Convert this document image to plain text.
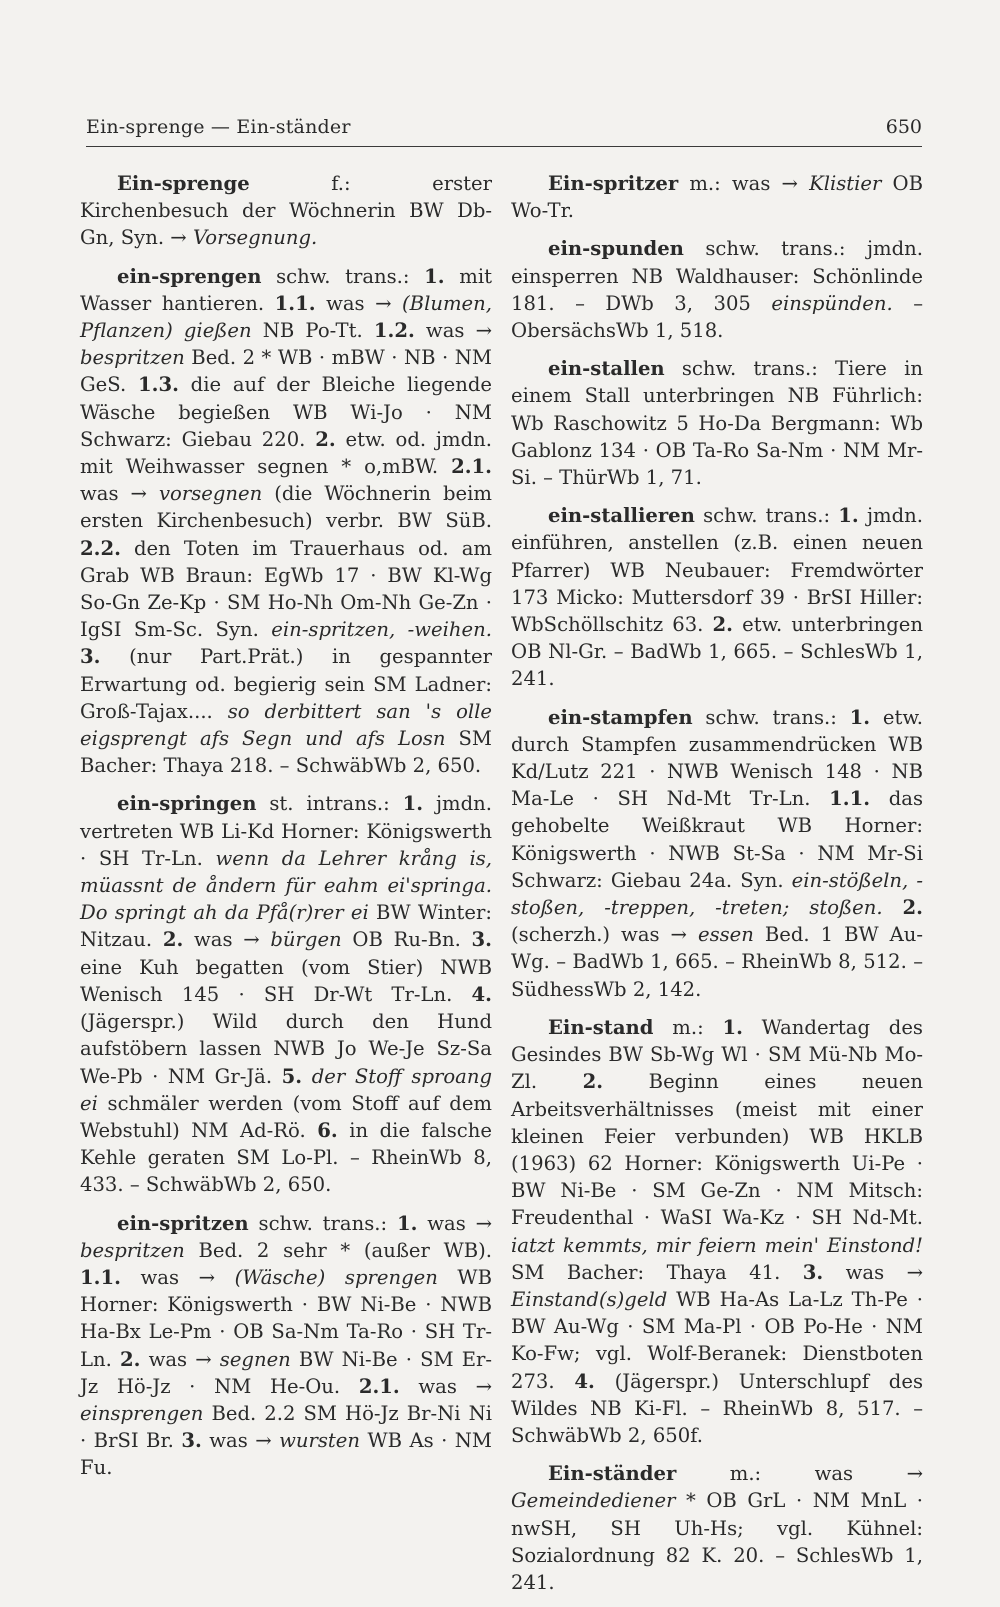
Ein-sprenge — Ein-ständer	650

Ein-sprenge f.: erster Kirchenbesuch der Wöchnerin BW Db-Gn, Syn. → Vorsegnung.

ein-sprengen schw. trans.: 1. mit Wasser hantieren. 1.1. was → (Blumen, Pflanzen) gießen NB Po-Tt. 1.2. was → bespritzen Bed. 2 * WB · mBW · NB · NM GeS. 1.3. die auf der Bleiche liegende Wäsche begießen WB Wi-Jo · NM Schwarz: Giebau 220. 2. etw. od. jmdn. mit Weihwasser segnen * o,mBW. 2.1. was → vorsegnen (die Wöchnerin beim ersten Kirchenbesuch) verbr. BW SüB. 2.2. den Toten im Trauerhaus od. am Grab WB Braun: EgWb 17 · BW Kl-Wg So-Gn Ze-Kp · SM Ho-Nh Om-Nh Ge-Zn · IgSI Sm-Sc. Syn. ein-spritzen, -weihen. 3. (nur Part.Prät.) in gespannter Erwartung od. begierig sein SM Ladner: Groß-Tajax.... so derbittert san 's olle eigsprengt afs Segn und afs Losn SM Bacher: Thaya 218. – SchwäbWb 2, 650.

ein-springen st. intrans.: 1. jmdn. vertreten WB Li-Kd Horner: Königswerth · SH Tr-Ln. wenn da Lehrer krång is, müassnt de åndern für eahm ei'springa. Do springt ah da Pfå(r)rer ei BW Winter: Nitzau. 2. was → bürgen OB Ru-Bn. 3. eine Kuh begatten (vom Stier) NWB Wenisch 145 · SH Dr-Wt Tr-Ln. 4. (Jägerspr.) Wild durch den Hund aufstöbern lassen NWB Jo We-Je Sz-Sa We-Pb · NM Gr-Jä. 5. der Stoff sproang ei schmäler werden (vom Stoff auf dem Webstuhl) NM Ad-Rö. 6. in die falsche Kehle geraten SM Lo-Pl. – RheinWb 8, 433. – SchwäbWb 2, 650.

ein-spritzen schw. trans.: 1. was → bespritzen Bed. 2 sehr * (außer WB). 1.1. was → (Wäsche) sprengen WB Horner: Königswerth · BW Ni-Be · NWB Ha-Bx Le-Pm · OB Sa-Nm Ta-Ro · SH Tr-Ln. 2. was → segnen BW Ni-Be · SM Er-Jz Hö-Jz · NM He-Ou. 2.1. was → einsprengen Bed. 2.2 SM Hö-Jz Br-Ni Ni · BrSI Br. 3. was → wursten WB As · NM Fu.

Ein-spritzer m.: was → Klistier OB Wo-Tr.

ein-spunden schw. trans.: jmdn. einsperren NB Waldhauser: Schönlinde 181. – DWb 3, 305 einspünden. – ObersächsWb 1, 518.

ein-stallen schw. trans.: Tiere in einem Stall unterbringen NB Führlich: Wb Raschowitz 5 Ho-Da Bergmann: Wb Gablonz 134 · OB Ta-Ro Sa-Nm · NM Mr-Si. – ThürWb 1, 71.

ein-stallieren schw. trans.: 1. jmdn. einführen, anstellen (z.B. einen neuen Pfarrer) WB Neubauer: Fremdwörter 173 Micko: Muttersdorf 39 · BrSI Hiller: WbSchöllschitz 63. 2. etw. unterbringen OB Nl-Gr. – BadWb 1, 665. – SchlesWb 1, 241.

ein-stampfen schw. trans.: 1. etw. durch Stampfen zusammendrücken WB Kd/Lutz 221 · NWB Wenisch 148 · NB Ma-Le · SH Nd-Mt Tr-Ln. 1.1. das gehobelte Weißkraut WB Horner: Königswerth · NWB St-Sa · NM Mr-Si Schwarz: Giebau 24a. Syn. ein-stößeln, -stoßen, -treppen, -treten; stoßen. 2. (scherzh.) was → essen Bed. 1 BW Au-Wg. – BadWb 1, 665. – RheinWb 8, 512. – SüdhessWb 2, 142.

Ein-stand m.: 1. Wandertag des Gesindes BW Sb-Wg Wl · SM Mü-Nb Mo-Zl. 2. Beginn eines neuen Arbeitsverhältnisses (meist mit einer kleinen Feier verbunden) WB HKLB (1963) 62 Horner: Königswerth Ui-Pe · BW Ni-Be · SM Ge-Zn · NM Mitsch: Freudenthal · WaSI Wa-Kz · SH Nd-Mt. iatzt kemmts, mir feiern mein' Einstond! SM Bacher: Thaya 41. 3. was → Einstand(s)geld WB Ha-As La-Lz Th-Pe · BW Au-Wg · SM Ma-Pl · OB Po-He · NM Ko-Fw; vgl. Wolf-Beranek: Dienstboten 273. 4. (Jägerspr.) Unterschlupf des Wildes NB Ki-Fl. – RheinWb 8, 517. – SchwäbWb 2, 650f.

Ein-ständer m.: was → Gemeindediener * OB GrL · NM MnL · nwSH, SH Uh-Hs; vgl. Kühnel: Sozialordnung 82 K. 20. – SchlesWb 1, 241.
